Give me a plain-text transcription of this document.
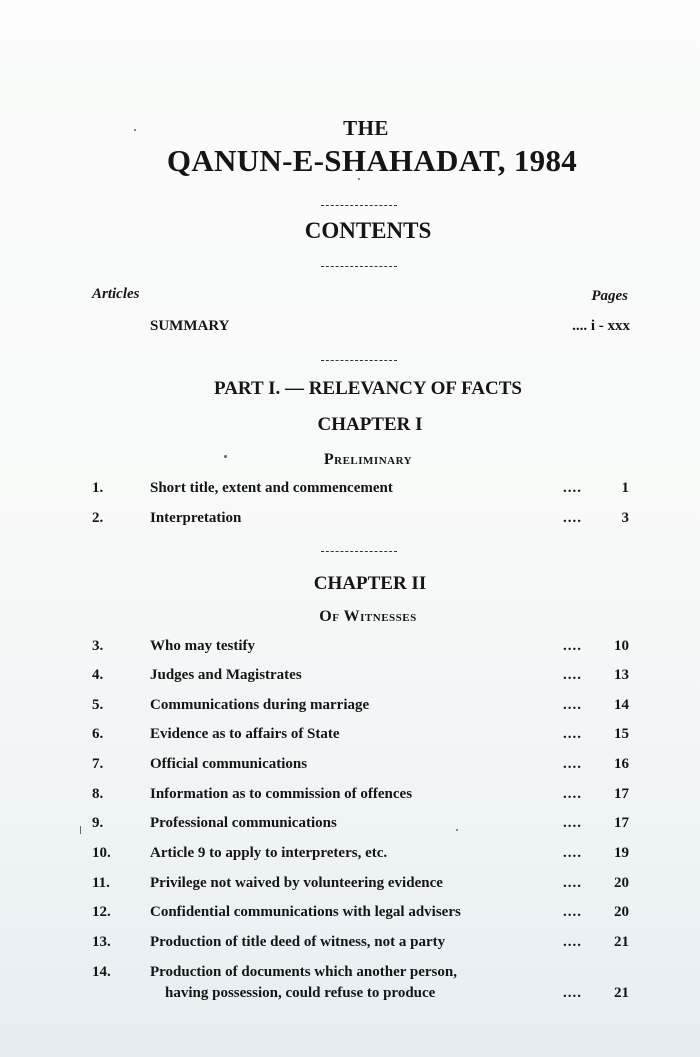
THE
QANUN-E-SHAHADAT, 1984
CONTENTS
Articles	Pages
SUMMARY	.... i - xxx
PART I. — RELEVANCY OF FACTS
CHAPTER I
Preliminary
1.	Short title, extent and commencement	....	1
2.	Interpretation	....	3
CHAPTER II
Of Witnesses
3.	Who may testify	.... 10
4.	Judges and Magistrates	.... 13
5.	Communications during marriage	.... 14
6.	Evidence as to affairs of State	.... 15
7.	Official communications	.... 16
8.	Information as to commission of offences	.... 17
9.	Professional communications	.... 17
10.	Article 9 to apply to interpreters, etc.	.... 19
11.	Privilege not waived by volunteering evidence	.... 20
12.	Confidential communications with legal advisers	.... 20
13.	Production of title deed of witness, not a party	.... 21
14.	Production of documents which another person,
having possession, could refuse to produce	.... 21
